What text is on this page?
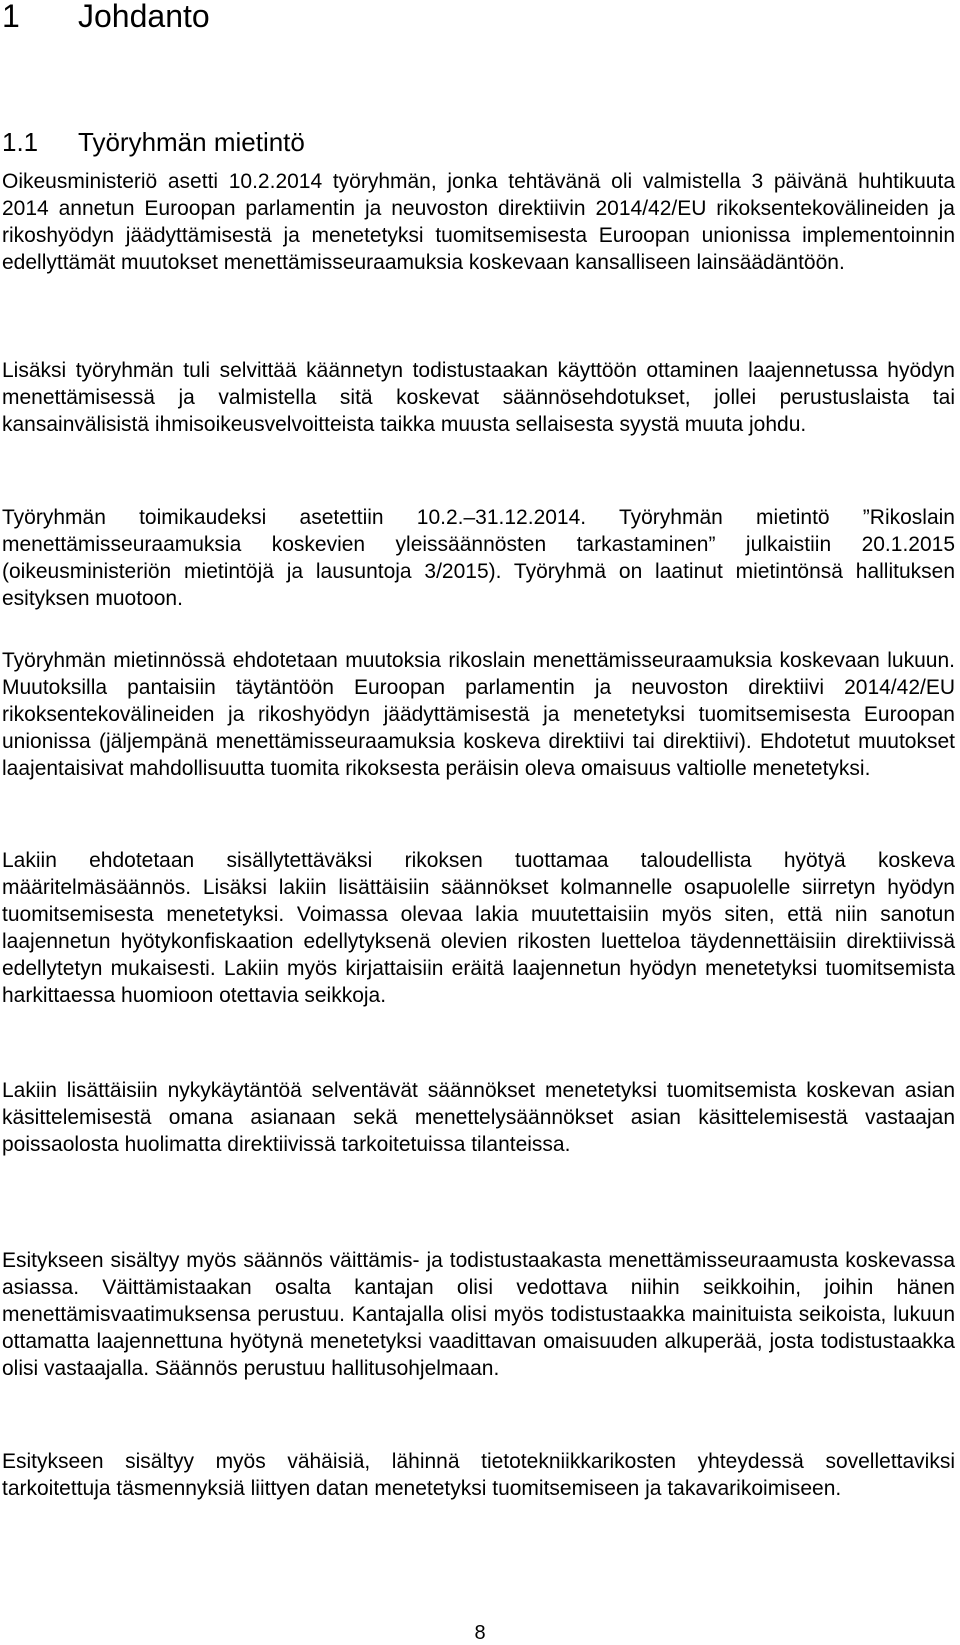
1 Johdanto
1.1 Työryhmän mietintö

Oikeusministeriö asetti 10.2.2014 työryhmän, jonka tehtävänä oli valmistella 3 päivänä huhtikuuta 2014 annetun Euroopan parlamentin ja neuvoston direktiivin 2014/42/EU rikoksentekovälineiden ja rikoshyödyn jäädyttämisestä ja menetetyksi tuomitsemisesta Euroopan unionissa implementoinnin edellyttämät muutokset menettämisseuraamuksia koskevaan kansalliseen lainsäädäntöön.

Lisäksi työryhmän tuli selvittää käännetyn todistustaakan käyttöön ottaminen laajennetussa hyödyn menettämisessä ja valmistella sitä koskevat säännösehdotukset, jollei perustuslaista tai kansainvälisistä ihmisoikeusvelvoitteista taikka muusta sellaisesta syystä muuta johdu.

Työryhmän toimikaudeksi asetettiin 10.2.–31.12.2014. Työryhmän mietintö ”Rikoslain menettämisseuraamuksia koskevien yleissäännösten tarkastaminen” julkaistiin 20.1.2015 (oikeusministeriön mietintöjä ja lausuntoja 3/2015). Työryhmä on laatinut mietintönsä hallituksen esityksen muotoon.

Työryhmän mietinnössä ehdotetaan muutoksia rikoslain menettämisseuraamuksia koskevaan lukuun. Muutoksilla pantaisiin täytäntöön Euroopan parlamentin ja neuvoston direktiivi 2014/42/EU rikoksentekovälineiden ja rikoshyödyn jäädyttämisestä ja menetetyksi tuomitsemisesta Euroopan unionissa (jäljempänä menettämisseuraamuksia koskeva direktiivi tai direktiivi). Ehdotetut muutokset laajentaisivat mahdollisuutta tuomita rikoksesta peräisin oleva omaisuus valtiolle menetetyksi.

Lakiin ehdotetaan sisällytettäväksi rikoksen tuottamaa taloudellista hyötyä koskeva määritelmäsäännös. Lisäksi lakiin lisättäisiin säännökset kolmannelle osapuolelle siirretyn hyödyn tuomitsemisesta menetetyksi. Voimassa olevaa lakia muutettaisiin myös siten, että niin sanotun laajennetun hyötykonfiskaation edellytyksenä olevien rikosten luetteloa täydennettäisiin direktiivissä edellytetyn mukaisesti. Lakiin myös kirjattaisiin eräitä laajennetun hyödyn menetetyksi tuomitsemista harkittaessa huomioon otettavia seikkoja.

Lakiin lisättäisiin nykykäytäntöä selventävät säännökset menetetyksi tuomitsemista koskevan asian käsittelemisestä omana asianaan sekä menettelysäännökset asian käsittelemisestä vastaajan poissaolosta huolimatta direktiivissä tarkoitetuissa tilanteissa.

Esitykseen sisältyy myös säännös väittämis- ja todistustaakasta menettämisseuraamusta koskevassa asiassa. Väittämistaakan osalta kantajan olisi vedottava niihin seikkoihin, joihin hänen menettämisvaatimuksensa perustuu. Kantajalla olisi myös todistustaakka mainituista seikoista, lukuun ottamatta laajennettuna hyötynä menetetyksi vaadittavan omaisuuden alkuperää, josta todistustaakka olisi vastaajalla. Säännös perustuu hallitusohjelmaan.

Esitykseen sisältyy myös vähäisiä, lähinnä tietotekniikkarikosten yhteydessä sovellettaviksi tarkoitettuja täsmennyksiä liittyen datan menetetyksi tuomitsemiseen ja takavarikoimiseen.

8
